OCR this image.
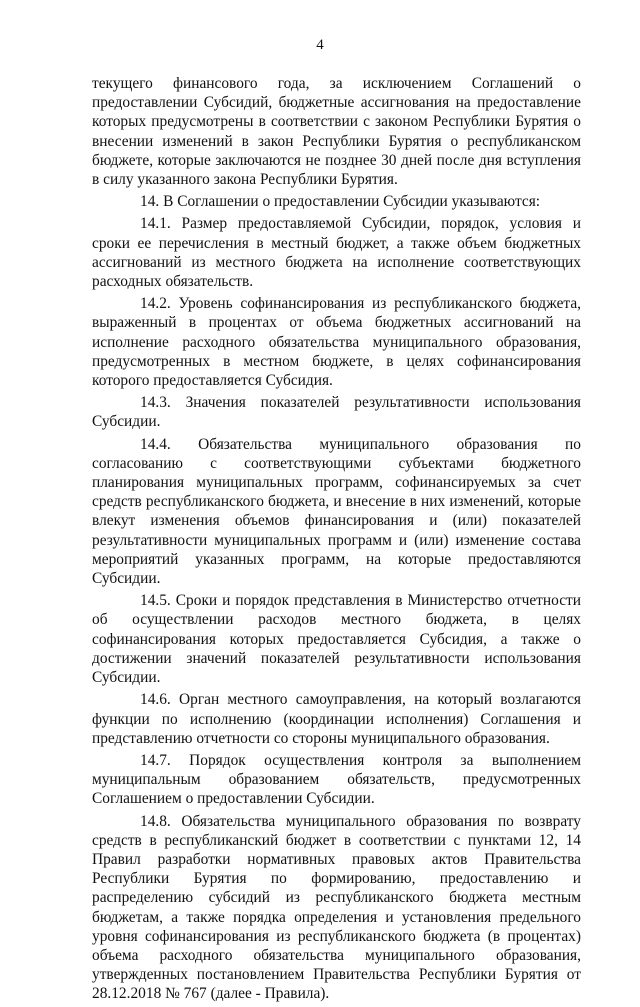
4

текущего финансового года, за исключением Соглашений о предоставлении Субсидий, бюджетные ассигнования на предоставление которых предусмотрены в соответствии с законом Республики Бурятия о внесении изменений в закон Республики Бурятия о республиканском бюджете, которые заключаются не позднее 30 дней после дня вступления в силу указанного закона Республики Бурятия.

14. В Соглашении о предоставлении Субсидии указываются:

14.1. Размер предоставляемой Субсидии, порядок, условия и сроки ее перечисления в местный бюджет, а также объем бюджетных ассигнований из местного бюджета на исполнение соответствующих расходных обязательств.

14.2. Уровень софинансирования из республиканского бюджета, выраженный в процентах от объема бюджетных ассигнований на исполнение расходного обязательства муниципального образования, предусмотренных в местном бюджете, в целях софинансирования которого предоставляется Субсидия.

14.3. Значения показателей результативности использования Субсидии.

14.4. Обязательства муниципального образования по согласованию с соответствующими субъектами бюджетного планирования муниципальных программ, софинансируемых за счет средств республиканского бюджета, и внесение в них изменений, которые влекут изменения объемов финансирования и (или) показателей результативности муниципальных программ и (или) изменение состава мероприятий указанных программ, на которые предоставляются Субсидии.

14.5. Сроки и порядок представления в Министерство отчетности об осуществлении расходов местного бюджета, в целях софинансирования которых предоставляется Субсидия, а также о достижении значений показателей результативности использования Субсидии.

14.6. Орган местного самоуправления, на который возлагаются функции по исполнению (координации исполнения) Соглашения и представлению отчетности со стороны муниципального образования.

14.7. Порядок осуществления контроля за выполнением муниципальным образованием обязательств, предусмотренных Соглашением о предоставлении Субсидии.

14.8. Обязательства муниципального образования по возврату средств в республиканский бюджет в соответствии с пунктами 12, 14 Правил разработки нормативных правовых актов Правительства Республики Бурятия по формированию, предоставлению и распределению субсидий из республиканского бюджета местным бюджетам, а также порядка определения и установления предельного уровня софинансирования из республиканского бюджета (в процентах) объема расходного обязательства муниципального образования, утвержденных постановлением Правительства Республики Бурятия от 28.12.2018 № 767 (далее - Правила).
